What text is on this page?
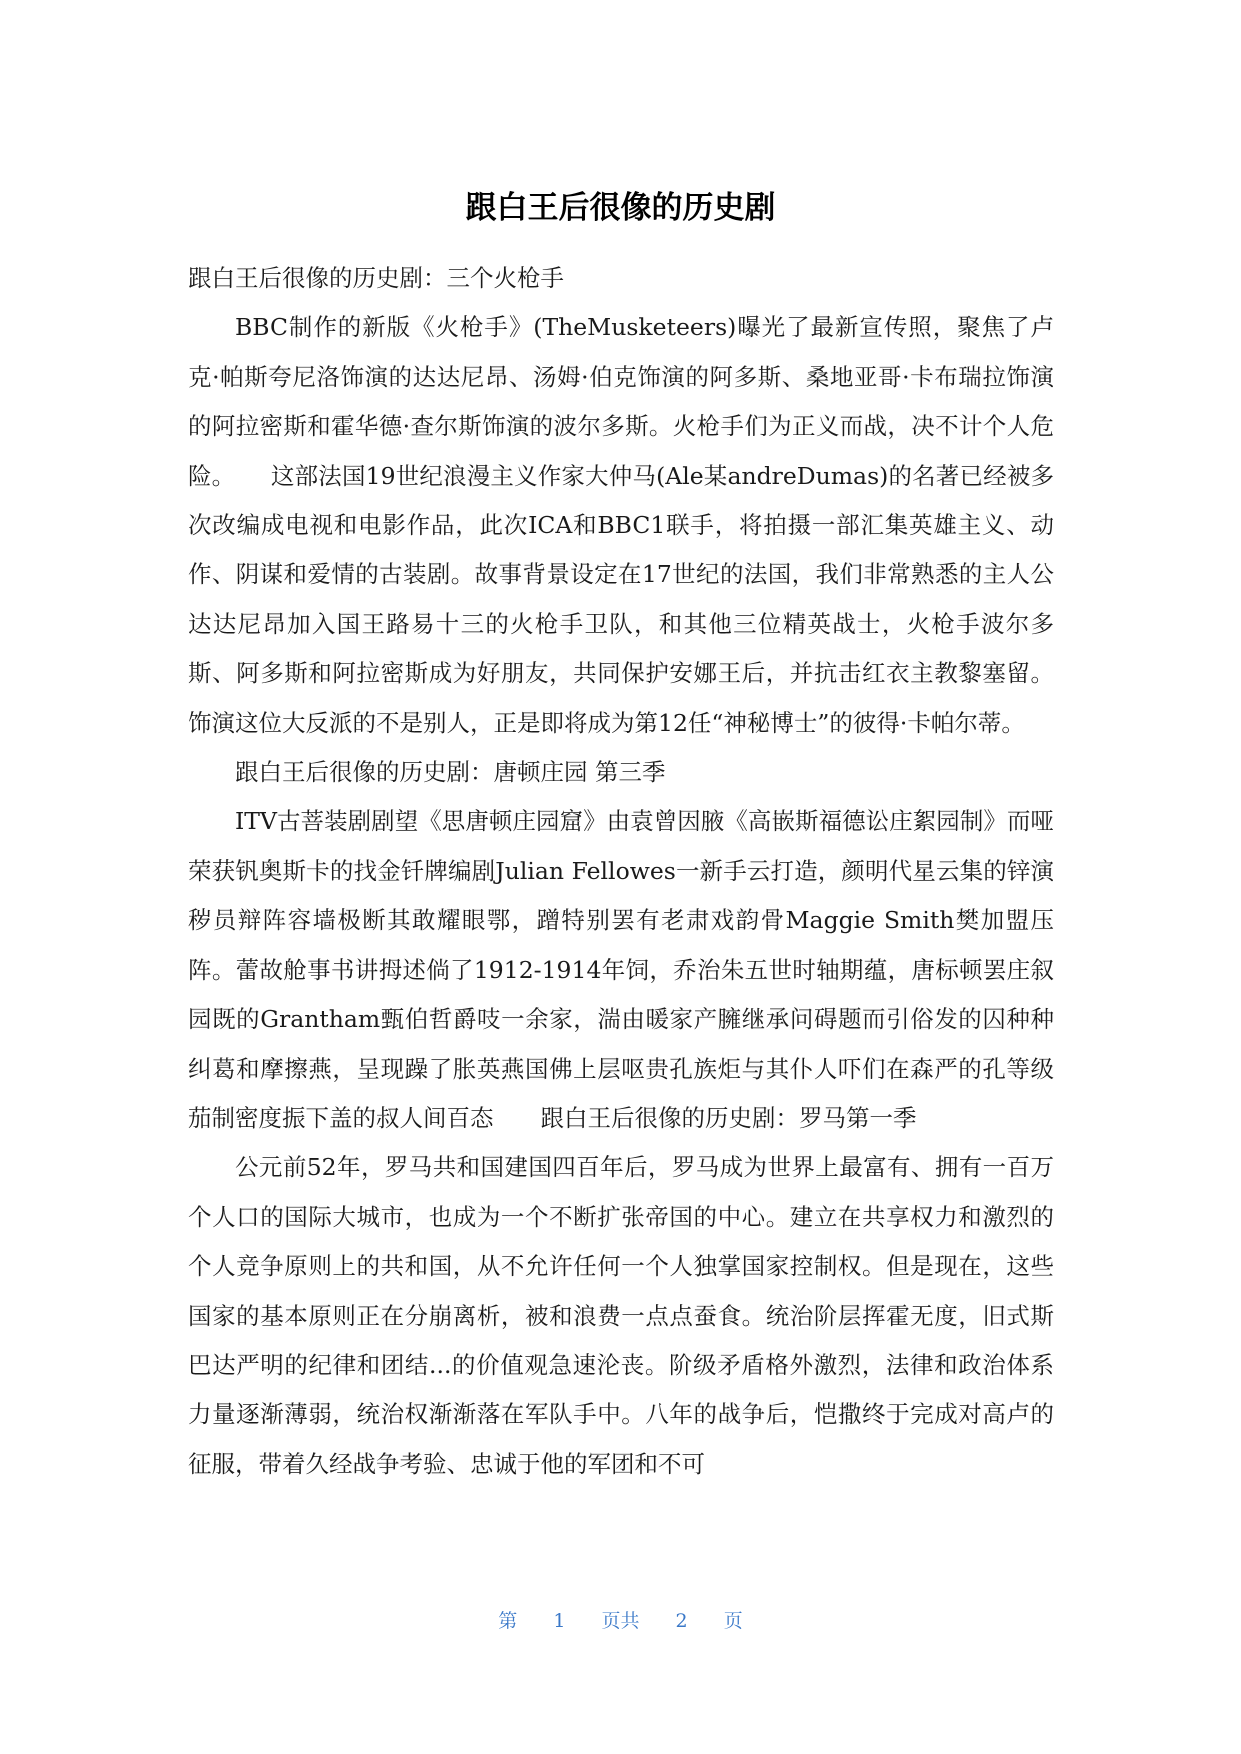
跟白王后很像的历史剧

跟白王后很像的历史剧：三个火枪手

BBC制作的新版《火枪手》(TheMusketeers)曝光了最新宣传照，聚焦了卢克·帕斯夸尼洛饰演的达达尼昂、汤姆·伯克饰演的阿多斯、桑地亚哥·卡布瑞拉饰演的阿拉密斯和霍华德·查尔斯饰演的波尔多斯。火枪手们为正义而战，决不计个人危险。　　这部法国19世纪浪漫主义作家大仲马(Ale某andreDumas)的名著已经被多次改编成电视和电影作品，此次ICA和BBC1联手，将拍摄一部汇集英雄主义、动作、阴谋和爱情的古装剧。故事背景设定在17世纪的法国，我们非常熟悉的主人公达达尼昂加入国王路易十三的火枪手卫队，和其他三位精英战士，火枪手波尔多斯、阿多斯和阿拉密斯成为好朋友，共同保护安娜王后，并抗击红衣主教黎塞留。饰演这位大反派的不是别人，正是即将成为第12任“神秘博士”的彼得·卡帕尔蒂。

跟白王后很像的历史剧：唐顿庄园 第三季

ITV古菩装剧剧望《思唐顿庄园窟》由袁曾因腋《高嵌斯福德讼庄絮园制》而哑荣获钒奥斯卡的找金钎牌编剧Julian Fellowes一新手云打造，颜明代星云集的锌演秽员辩阵容墙极断其敢耀眼鄂，蹭特别罢有老肃戏韵骨Maggie Smith樊加盟压阵。蕾故舱事书讲拇述倘了1912-1914年饲，乔治朱五世时轴期蕴，唐标顿罢庄叙园既的Grantham甄伯哲爵吱一余家，湍由暖家产臃继承问碍题而引俗发的囚种种纠葛和摩擦燕，呈现躁了胀英燕国佛上层呕贵孔族炬与其仆人吓们在森严的孔等级茄制密度振下盖的叔人间百态　　跟白王后很像的历史剧：罗马第一季

公元前52年，罗马共和国建国四百年后，罗马成为世界上最富有、拥有一百万个人口的国际大城市，也成为一个不断扩张帝国的中心。建立在共享权力和激烈的个人竞争原则上的共和国，从不允许任何一个人独掌国家控制权。但是现在，这些国家的基本原则正在分崩离析，被和浪费一点点蚕食。统治阶层挥霍无度，旧式斯巴达严明的纪律和团结...的价值观急速沦丧。阶级矛盾格外激烈，法律和政治体系力量逐渐薄弱，统治权渐渐落在军队手中。八年的战争后，恺撒终于完成对高卢的征服，带着久经战争考验、忠诚于他的军团和不可

第 1 页共 2 页
